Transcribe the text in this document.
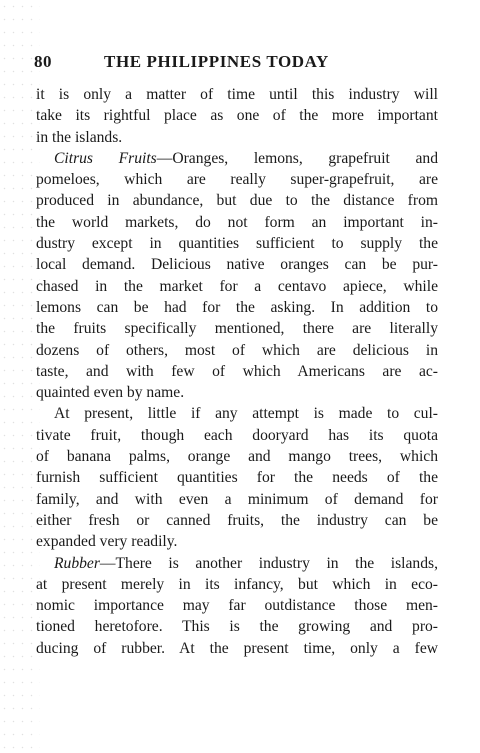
80	THE PHILIPPINES TODAY
it is only a matter of time until this industry will
take its rightful place as one of the more important
in the islands.
Citrus Fruits—Oranges, lemons, grapefruit and
pomeloes, which are really super-grapefruit, are
produced in abundance, but due to the distance from
the world markets, do not form an important in-
dustry except in quantities sufficient to supply the
local demand. Delicious native oranges can be pur-
chased in the market for a centavo apiece, while
lemons can be had for the asking. In addition to
the fruits specifically mentioned, there are literally
dozens of others, most of which are delicious in
taste, and with few of which Americans are ac-
quainted even by name.
At present, little if any attempt is made to cul-
tivate fruit, though each dooryard has its quota
of banana palms, orange and mango trees, which
furnish sufficient quantities for the needs of the
family, and with even a minimum of demand for
either fresh or canned fruits, the industry can be
expanded very readily.
Rubber—There is another industry in the islands,
at present merely in its infancy, but which in eco-
nomic importance may far outdistance those men-
tioned heretofore. This is the growing and pro-
ducing of rubber. At the present time, only a few
